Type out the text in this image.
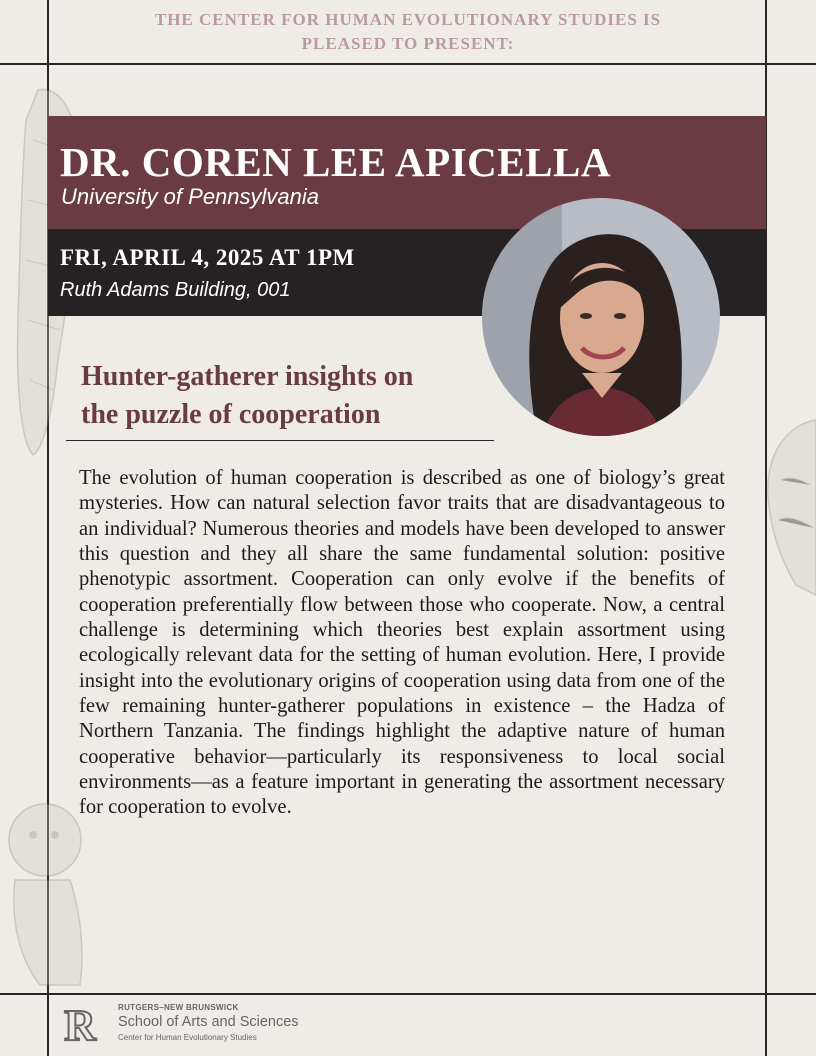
THE CENTER FOR HUMAN EVOLUTIONARY STUDIES IS
PLEASED TO PRESENT:
DR. COREN LEE APICELLA
University of Pennsylvania
FRI, APRIL 4, 2025 AT 1PM
Ruth Adams Building, 001
Hunter-gatherer insights on
the puzzle of cooperation

The evolution of human cooperation is described as one of biology’s great mysteries. How can natural selection favor traits that are disadvantageous to an individual? Numerous theories and models have been developed to answer this question and they all share the same fundamental solution: positive phenotypic assortment. Cooperation can only evolve if the benefits of cooperation preferentially flow between those who cooperate. Now, a central challenge is determining which theories best explain assortment using ecologically relevant data for the setting of human evolution. Here, I provide insight into the evolutionary origins of cooperation using data from one of the few remaining hunter-gatherer populations in existence – the Hadza of Northern Tanzania. The findings highlight the adaptive nature of human cooperative behavior—particularly its responsiveness to local social environments—as a feature important in generating the assortment necessary for cooperation to evolve.

R	RUTGERS–NEW BRUNSWICK
School of Arts and Sciences
Center for Human Evolutionary Studies
